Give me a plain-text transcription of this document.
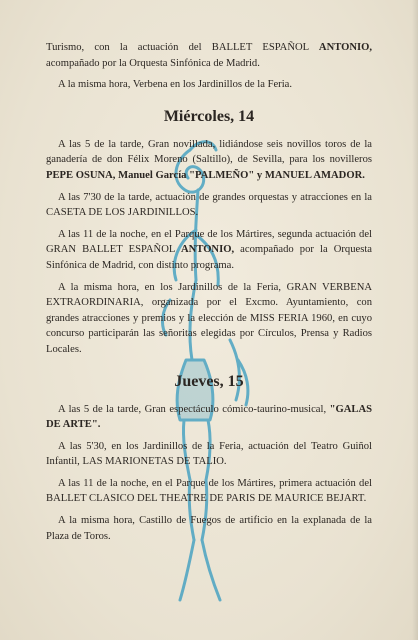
Turismo, con la actuación del BALLET ESPAÑOL ANTONIO, acompañado por la Orquesta Sinfónica de Madrid.

A la misma hora, Verbena en los Jardinillos de la Feria.

Miércoles, 14

A las 5 de la tarde, Gran novillada, lidiándose seis novillos toros de la ganadería de don Félix Moreno (Saltillo), de Sevilla, para los novilleros PEPE OSUNA, Manuel García "PALMEÑO" y MANUEL AMADOR.

A las 7'30 de la tarde, actuación de grandes orquestas y atracciones en la CASETA DE LOS JARDINILLOS.

A las 11 de la noche, en el Parque de los Mártires, segunda actuación del GRAN BALLET ESPAÑOL ANTONIO, acompañado por la Orquesta Sinfónica de Madrid, con distinto programa.

A la misma hora, en los Jardinillos de la Feria, GRAN VERBENA EXTRAORDINARIA, organizada por el Excmo. Ayuntamiento, con grandes atracciones y premios y la elección de MISS FERIA 1960, en cuyo concurso participarán las señoritas elegidas por Círculos, Prensa y Radios Locales.

Jueves, 15

A las 5 de la tarde, Gran espectáculo cómico-taurino-musical, "GALAS DE ARTE".

A las 5'30, en los Jardinillos de la Feria, actuación del Teatro Guiñol Infantil, LAS MARIONETAS DE TALIO.

A las 11 de la noche, en el Parque de los Mártires, primera actuación del BALLET CLASICO DEL THEATRE DE PARIS DE MAURICE BEJART.

A la misma hora, Castillo de Fuegos de artificio en la explanada de la Plaza de Toros.
